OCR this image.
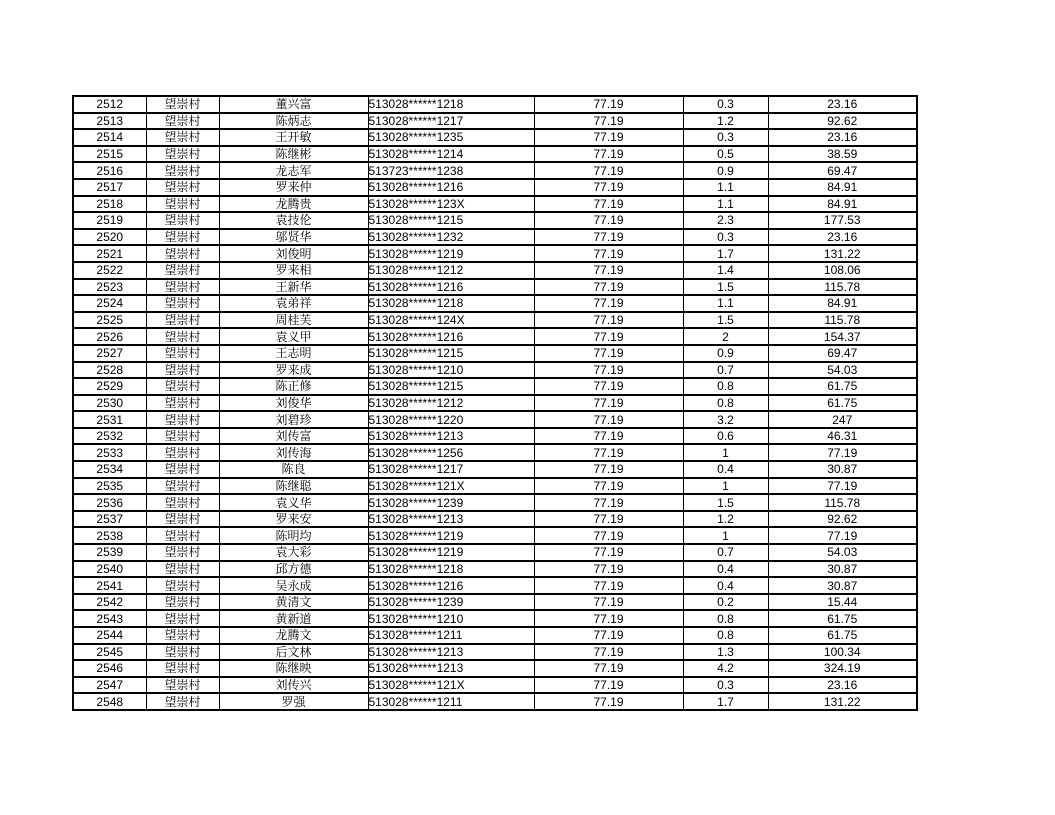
2512	望崇村	董兴富	513028******1218	77.19	0.3	23.16
2513	望崇村	陈炳志	513028******1217	77.19	1.2	92.62
2514	望崇村	王开敏	513028******1235	77.19	0.3	23.16
2515	望崇村	陈继彬	513028******1214	77.19	0.5	38.59
2516	望崇村	龙志军	513723******1238	77.19	0.9	69.47
2517	望崇村	罗来仲	513028******1216	77.19	1.1	84.91
2518	望崇村	龙腾贵	513028******123X	77.19	1.1	84.91
2519	望崇村	袁技伦	513028******1215	77.19	2.3	177.53
2520	望崇村	邬贤华	513028******1232	77.19	0.3	23.16
2521	望崇村	刘俊明	513028******1219	77.19	1.7	131.22
2522	望崇村	罗来相	513028******1212	77.19	1.4	108.06
2523	望崇村	王新华	513028******1216	77.19	1.5	115.78
2524	望崇村	袁弟祥	513028******1218	77.19	1.1	84.91
2525	望崇村	周桂芙	513028******124X	77.19	1.5	115.78
2526	望崇村	袁义甲	513028******1216	77.19	2	154.37
2527	望崇村	王志明	513028******1215	77.19	0.9	69.47
2528	望崇村	罗来成	513028******1210	77.19	0.7	54.03
2529	望崇村	陈正修	513028******1215	77.19	0.8	61.75
2530	望崇村	刘俊华	513028******1212	77.19	0.8	61.75
2531	望崇村	刘碧珍	513028******1220	77.19	3.2	247
2532	望崇村	刘传富	513028******1213	77.19	0.6	46.31
2533	望崇村	刘传海	513028******1256	77.19	1	77.19
2534	望崇村	陈良	513028******1217	77.19	0.4	30.87
2535	望崇村	陈继聪	513028******121X	77.19	1	77.19
2536	望崇村	袁义华	513028******1239	77.19	1.5	115.78
2537	望崇村	罗来安	513028******1213	77.19	1.2	92.62
2538	望崇村	陈明均	513028******1219	77.19	1	77.19
2539	望崇村	袁大彩	513028******1219	77.19	0.7	54.03
2540	望崇村	邱方德	513028******1218	77.19	0.4	30.87
2541	望崇村	吴永成	513028******1216	77.19	0.4	30.87
2542	望崇村	黄清文	513028******1239	77.19	0.2	15.44
2543	望崇村	黄新道	513028******1210	77.19	0.8	61.75
2544	望崇村	龙腾文	513028******1211	77.19	0.8	61.75
2545	望崇村	后文林	513028******1213	77.19	1.3	100.34
2546	望崇村	陈继映	513028******1213	77.19	4.2	324.19
2547	望崇村	刘传兴	513028******121X	77.19	0.3	23.16
2548	望崇村	罗强	513028******1211	77.19	1.7	131.22
